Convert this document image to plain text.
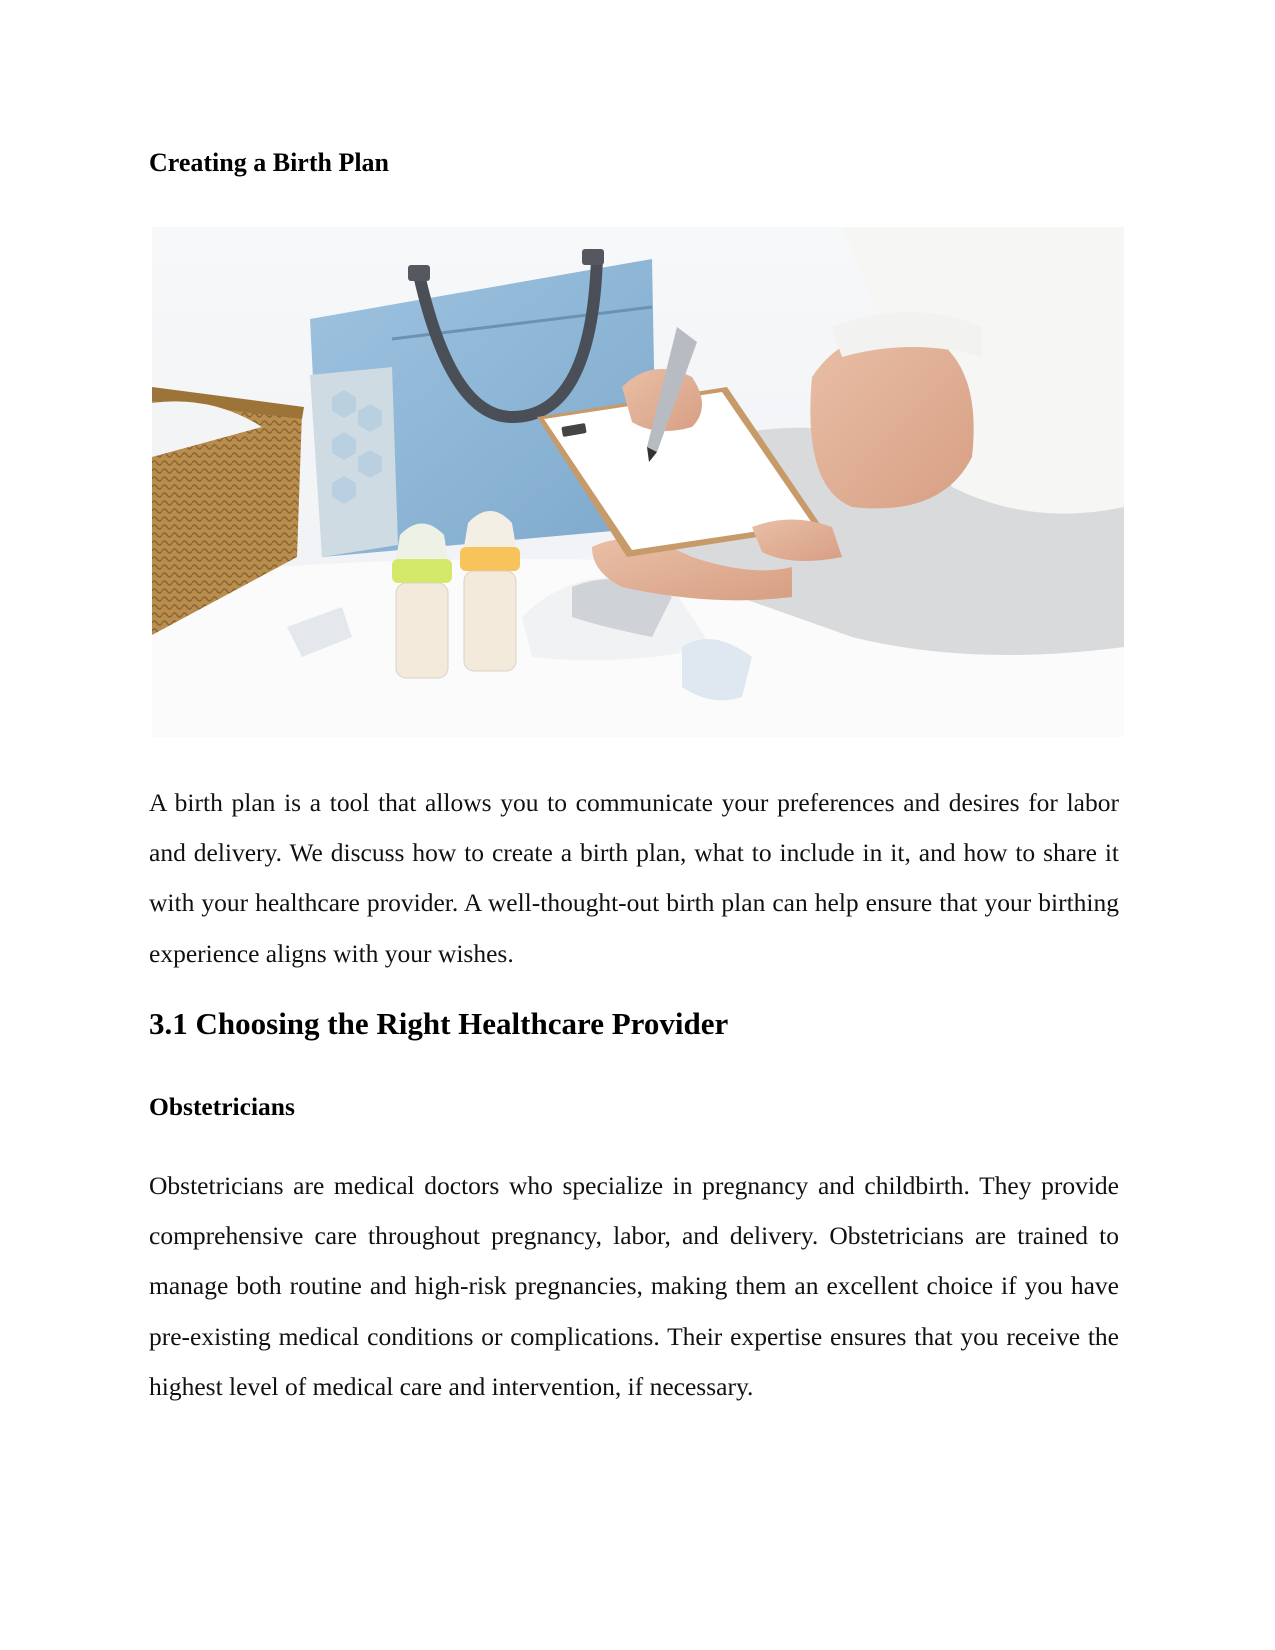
Creating a Birth Plan

A birth plan is a tool that allows you to communicate your preferences and desires for labor and delivery. We discuss how to create a birth plan, what to include in it, and how to share it with your healthcare provider. A well-thought-out birth plan can help ensure that your birthing experience aligns with your wishes.

3.1 Choosing the Right Healthcare Provider
Obstetricians

Obstetricians are medical doctors who specialize in pregnancy and childbirth. They provide comprehensive care throughout pregnancy, labor, and delivery. Obstetricians are trained to manage both routine and high-risk pregnancies, making them an excellent choice if you have pre-existing medical conditions or complications. Their expertise ensures that you receive the highest level of medical care and intervention, if necessary.
